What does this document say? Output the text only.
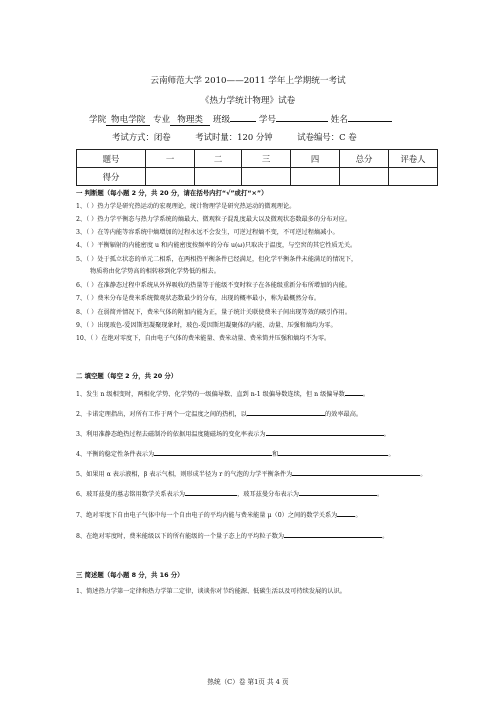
云南师范大学 2010——2011 学年上学期统一考试
《热力学统计物理》试卷
学院 物电学院 专业 物理类 班级	学号	姓名
考试方式：闭卷	考试时量：120 分钟	试卷编号：C 卷
题号	一	二	三	四	总分	评卷人
得分						
一 判断题（每小题 2 分，共 20 分，请在括号内打“√”或打“×”）
1、（ ）热力学是研究热运动的宏观理论，统计物理学是研究热运动的微观理论。
2、（ ）热力学平衡态与热力学系统的熵最大、微观粒子混乱度最大以及微观状态数最多的分布对应。
3、（ ）在等内能等容系统中熵增加的过程永远不会发生，可逆过程熵不变，不可逆过程熵减小。
4、（ ）平衡辐射的内能密度 u 和内能密度按频率的分布 u(ω)只取决于温度，与空窖的其它性质无关。
5、（ ）处于孤立状态的单元二相系，在两相热平衡条件已经满足，但化学平衡条件未能满足的情况下，
物质将由化学势高的相转移到化学势低的相去。
6、（ ）在准静态过程中系统从外界吸收的热量等于能级不变时粒子在各能级重新分布所增加的内能。
7、（ ）费米分布是费米系统微观状态数最少的分布，出现的概率最小，称为最概然分布。
8、（ ）在弱简并情况下，费米气体的附加内能为正，量子统计关联使费米子间出现等效的吸引作用。
9、（ ）出现玻色-爱因斯坦凝聚现象时，玻色-爱因斯坦凝聚体的内能、动量、压强和熵均为零。
10、（ ）在绝对零度下，自由电子气体的费米能量、费米动量、费米简并压强和熵均不为零。
二 填空题（每空 2 分，共 20 分）
1、发生 n 级相变时，两相化学势、化学势的一级偏导数、直到 n-1 级偏导数连续，但 n 级偏导数	。
2、卡诺定理指出，对所有工作于两个一定温度之间的热机，以	的效率最高。
3、利用准静态绝热过程去磁制冷的依据用温度随磁场的变化率表示为	。
4、平衡的稳定性条件表示为	和	。
5、如果用 α 表示液相，β 表示气相，则形成半径为 r 的气泡的力学平衡条件为	。
6、玻耳兹曼的墓志铭用数学关系表示为	，玻耳兹曼分布表示为	。
7、绝对零度下自由电子气体中每一个自由电子的平均内能与费米能量 μ（0）之间的数学关系为	。
8、在绝对零度时，费米能级以下的所有能级的一个量子态上的平均粒子数为	。
三 简述题（每小题 8 分，共 16 分）
1、简述热力学第一定律和热力学第二定律，谈谈你对节约能源、低碳生活以及可持续发展的认识。
热统（C）卷 第1页 共 4 页
